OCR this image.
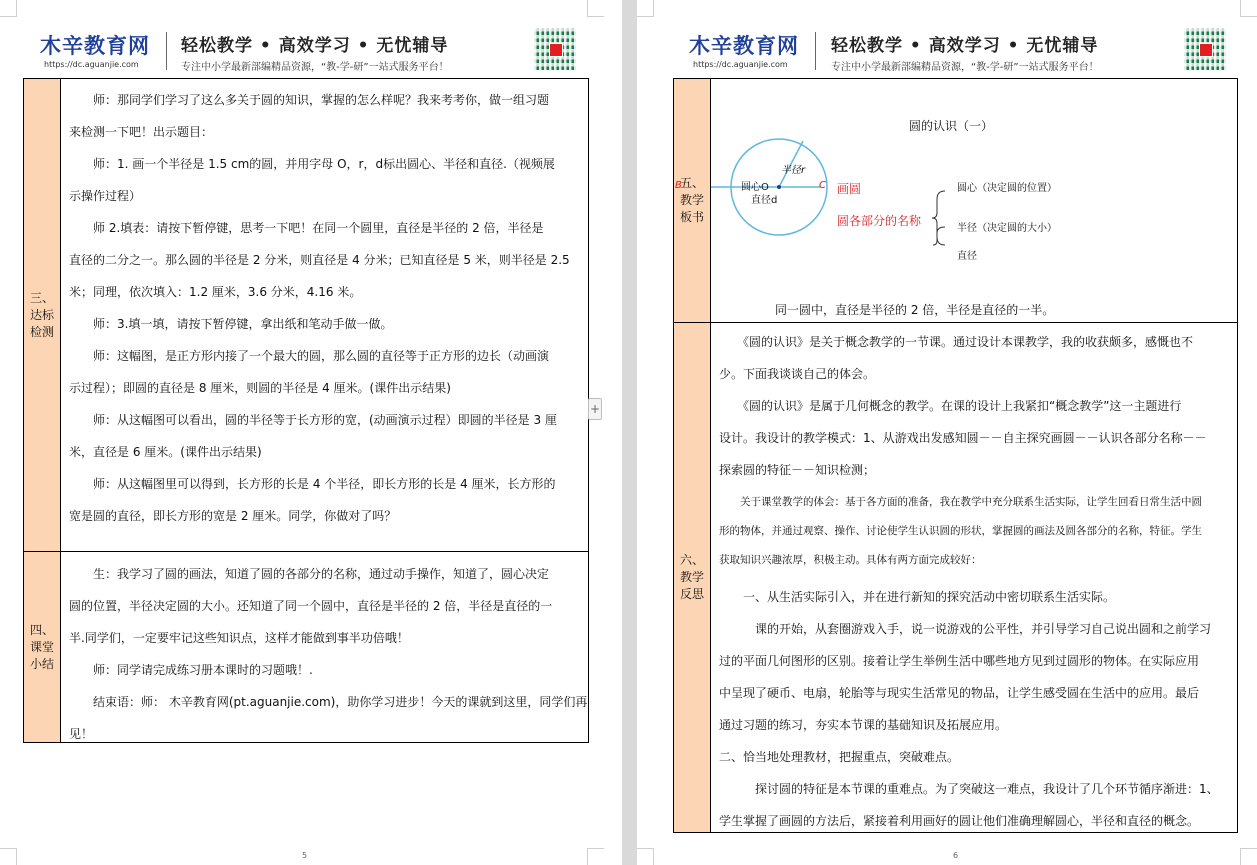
木辛教育网
https://dc.aguanjie.com
轻松教学 • 高效学习 • 无忧辅导
专注中小学最新部编精品资源，“教-学-研”一站式服务平台！
三、达标检测
　　师：那同学们学习了这么多关于圆的知识，掌握的怎么样呢？我来考考你，做一组习题
来检测一下吧！出示题目：
　　师：1. 画一个半径是 1.5 cm的圆，并用字母 O，r，d标出圆心、半径和直径.（视频展
示操作过程）
　　师 2.填表：请按下暂停键，思考一下吧！在同一个圆里，直径是半径的 2 倍，半径是
直径的二分之一。那么圆的半径是 2 分米，则直径是 4 分米；已知直径是 5 米，则半径是 2.5
米；同理，依次填入：1.2 厘米，3.6 分米，4.16 米。
　　师：3.填一填，请按下暂停键，拿出纸和笔动手做一做。
　　师：这幅图，是正方形内接了一个最大的圆，那么圆的直径等于正方形的边长（动画演
示过程）；即圆的直径是 8 厘米，则圆的半径是 4 厘米。(课件出示结果)
　　师：从这幅图可以看出，圆的半径等于长方形的宽，(动画演示过程）即圆的半径是 3 厘
米，直径是 6 厘米。(课件出示结果)
　　师：从这幅图里可以得到，长方形的长是 4 个半径，即长方形的长是 4 厘米，长方形的
宽是圆的直径，即长方形的宽是 2 厘米。同学，你做对了吗？
四、课堂小结
　　生：我学习了圆的画法，知道了圆的各部分的名称，通过动手操作，知道了，圆心决定
圆的位置，半径决定圆的大小。还知道了同一个圆中，直径是半径的 2 倍，半径是直径的一
半.同学们，一定要牢记这些知识点，这样才能做到事半功倍哦！
　　师：同学请完成练习册本课时的习题哦！.
　　结束语：师： 木辛教育网(pt.aguanjie.com)，助你学习进步！今天的课就到这里，同学们再
见！
5
+
木辛教育网
https://dc.aguanjie.com
轻松教学 • 高效学习 • 无忧辅导
专注中小学最新部编精品资源，“教-学-研”一站式服务平台！
五、教学板书
圆的认识（一）
半径r
圆心O
直径d
B	C 画圆
圆各部分的名称
圆心（决定圆的位置）
半径（决定圆的大小）
直径
同一圆中，直径是半径的 2 倍，半径是直径的一半。
六、教学反思
　　《圆的认识》是关于概念教学的一节课。通过设计本课教学，我的收获颇多，感慨也不
少。下面我谈谈自己的体会。
　　《圆的认识》是属于几何概念的教学。在课的设计上我紧扣“概念教学”这一主题进行
设计。我设计的教学模式：1、从游戏出发感知圆－－自主探究画圆－－认识各部分名称－－
探索圆的特征－－知识检测；
　　关于课堂教学的体会：基于各方面的准备，我在教学中充分联系生活实际，让学生回看日常生活中圆
形的物体，并通过观察、操作、讨论使学生认识圆的形状，掌握圆的画法及圆各部分的名称，特征。学生
获取知识兴趣浓厚，积极主动。具体有两方面完成较好：
　　一、从生活实际引入，并在进行新知的探究活动中密切联系生活实际。
　　　课的开始，从套圈游戏入手，说一说游戏的公平性，并引导学习自己说出圆和之前学习
过的平面几何图形的区别。接着让学生举例生活中哪些地方见到过圆形的物体。在实际应用
中呈现了硬币、电扇，轮胎等与现实生活常见的物品，让学生感受圆在生活中的应用。最后
通过习题的练习，夯实本节课的基础知识及拓展应用。
二、恰当地处理教材，把握重点，突破难点。
　　　探讨圆的特征是本节课的重难点。为了突破这一难点，我设计了几个环节循序渐进：1、
学生掌握了画圆的方法后，紧接着利用画好的圆让他们准确理解圆心，半径和直径的概念。
6
